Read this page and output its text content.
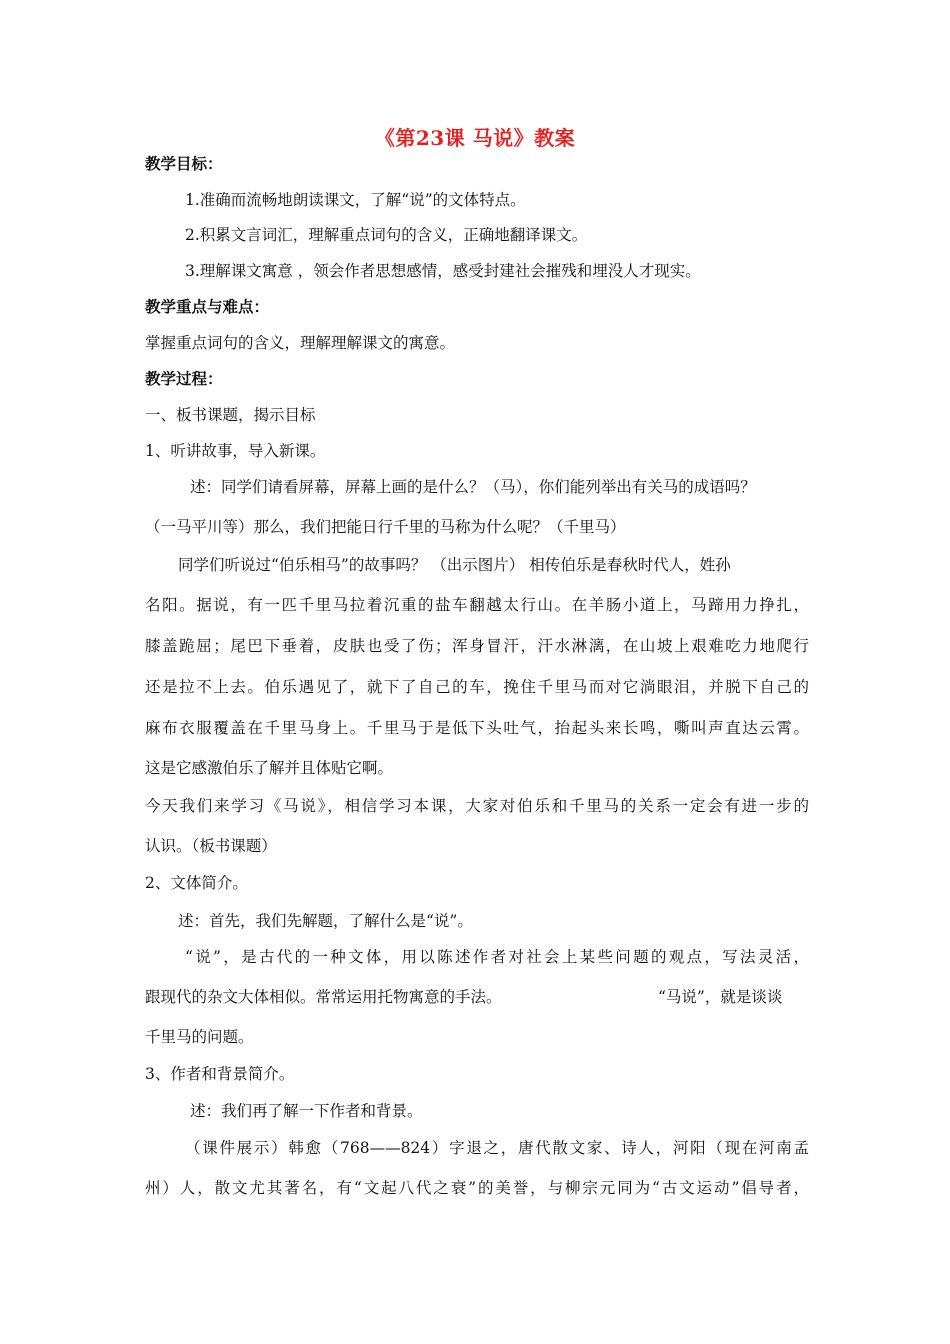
《第23课 马说》教案
教学目标：
1.准确而流畅地朗读课文，了解“说”的文体特点。
2.积累文言词汇，理解重点词句的含义，正确地翻译课文。
3.理解课文寓意 ，领会作者思想感情，感受封建社会摧残和埋没人才现实。
教学重点与难点：
掌握重点词句的含义，理解理解课文的寓意。
教学过程：
一、板书课题，揭示目标
1、听讲故事，导入新课。
述：同学们请看屏幕，屏幕上画的是什么？（马），你们能列举出有关马的成语吗？
（一马平川等）那么，我们把能日行千里的马称为什么呢？（千里马）
同学们听说过“伯乐相马”的故事吗？ （出示图片） 相传伯乐是春秋时代人，姓孙
名阳。据说，有一匹千里马拉着沉重的盐车翻越太行山。在羊肠小道上，马蹄用力挣扎，
膝盖跪屈；尾巴下垂着，皮肤也受了伤；浑身冒汗，汗水淋漓，在山坡上艰难吃力地爬行
还是拉不上去。伯乐遇见了，就下了自己的车，挽住千里马而对它淌眼泪，并脱下自己的
麻布衣服覆盖在千里马身上。千里马于是低下头吐气，抬起头来长鸣，嘶叫声直达云霄。
这是它感激伯乐了解并且体贴它啊。
今天我们来学习《马说》，相信学习本课，大家对伯乐和千里马的关系一定会有进一步的
认识。（板书课题）
2、文体简介。
述：首先，我们先解题，了解什么是“说”。
“说”，是古代的一种文体，用以陈述作者对社会上某些问题的观点，写法灵活，
跟现代的杂文大体相似。常常运用托物寓意的手法。	“马说”，就是谈谈
千里马的问题。
3、作者和背景简介。
述：我们再了解一下作者和背景。
（课件展示）韩愈（768——824）字退之，唐代散文家、诗人，河阳（现在河南孟
州）人，散文尤其著名，有“文起八代之衰”的美誉，与柳宗元同为“古文运动”倡导者，
